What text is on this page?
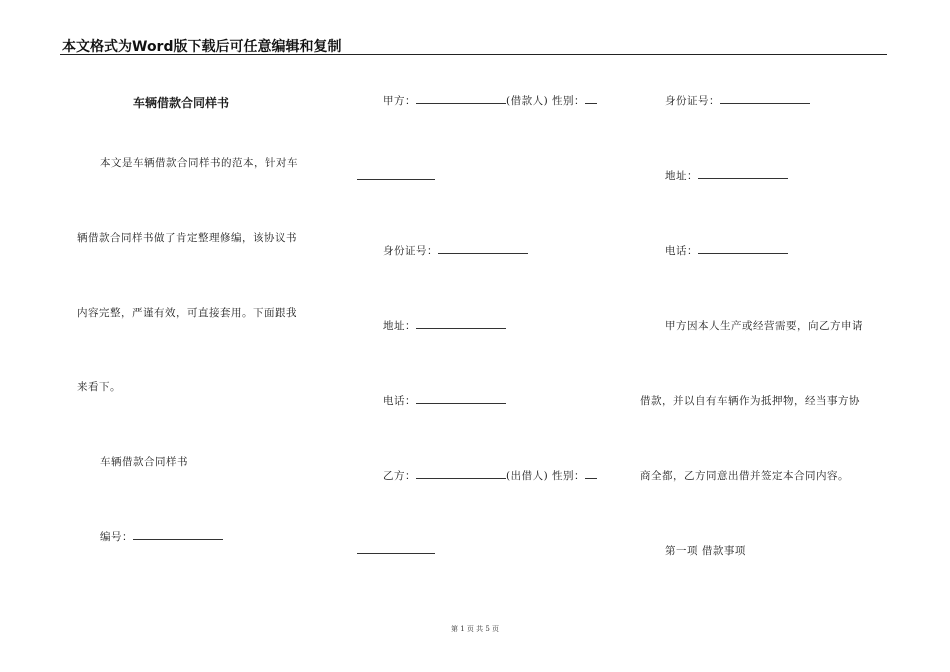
本文格式为Word版下载后可任意编辑和复制
车辆借款合同样书
本文是车辆借款合同样书的范本，针对车
辆借款合同样书做了肯定整理修编，该协议书
内容完整，严谨有效，可直接套用。下面跟我
来看下。
车辆借款合同样书
编号：
甲方：	(借款人) 性别：
身份证号：
地址：
电话：
乙方：	(出借人) 性别：
身份证号：
地址：
电话：
甲方因本人生产或经营需要，向乙方申请
借款，并以自有车辆作为抵押物，经当事方协
商全都，乙方同意出借并签定本合同内容。
第一项 借款事项
第 1 页 共 5 页
